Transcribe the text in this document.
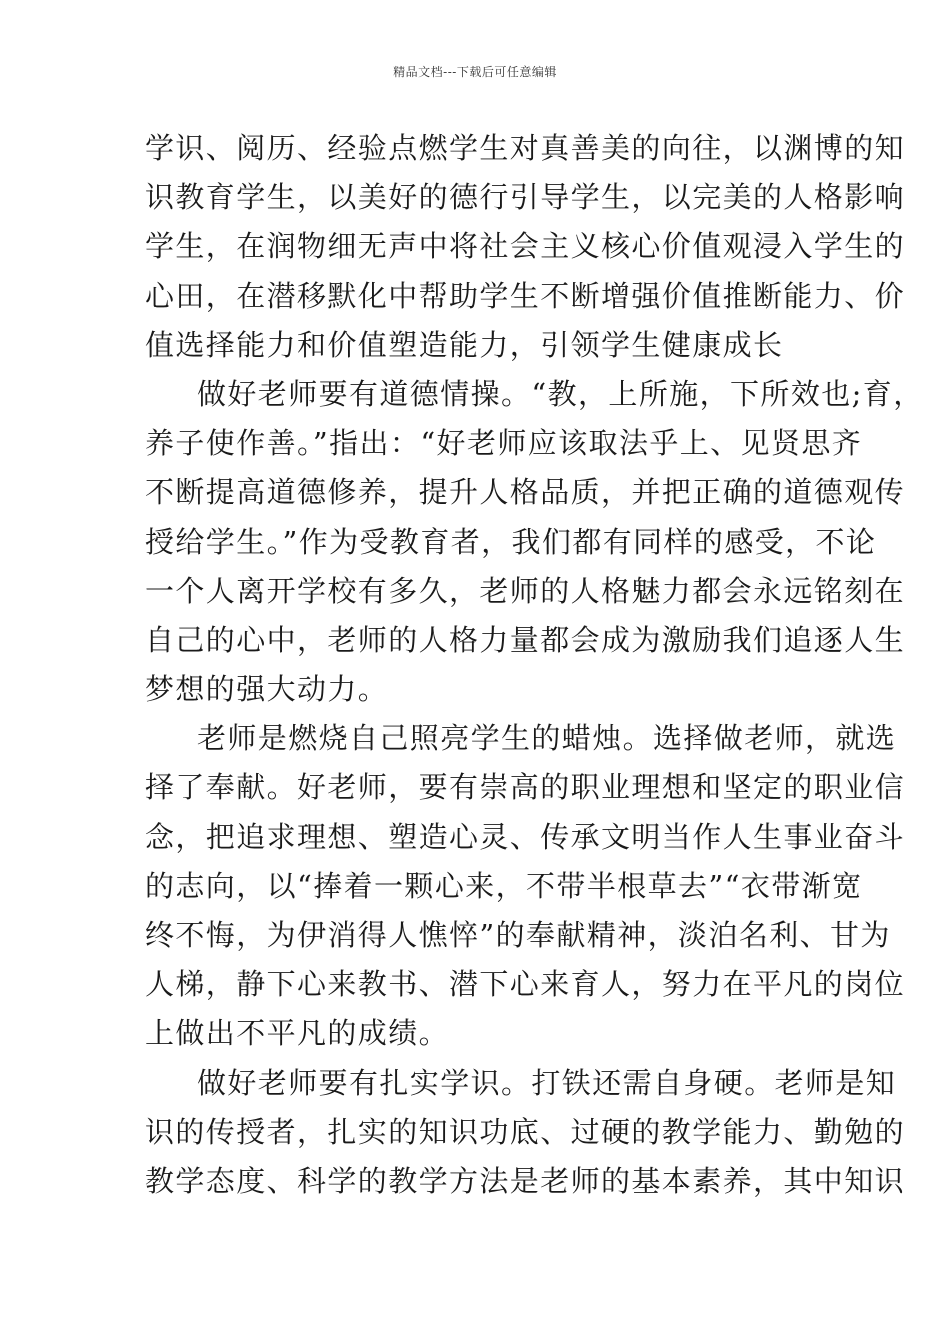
精品文档---下载后可任意编辑
学识、阅历、经验点燃学生对真善美的向往，以渊博的知
识教育学生，以美好的德行引导学生，以完美的人格影响
学生，在润物细无声中将社会主义核心价值观浸入学生的
心田，在潜移默化中帮助学生不断增强价值推断能力、价
值选择能力和价值塑造能力，引领学生健康成长
做好老师要有道德情操。“教，上所施，下所效也;育，
养子使作善。”指出：“好老师应该取法乎上、见贤思齐
不断提高道德修养，提升人格品质，并把正确的道德观传
授给学生。”作为受教育者，我们都有同样的感受，不论
一个人离开学校有多久，老师的人格魅力都会永远铭刻在
自己的心中，老师的人格力量都会成为激励我们追逐人生
梦想的强大动力。
老师是燃烧自己照亮学生的蜡烛。选择做老师，就选
择了奉献。好老师，要有崇高的职业理想和坚定的职业信
念，把追求理想、塑造心灵、传承文明当作人生事业奋斗
的志向，以“捧着一颗心来，不带半根草去”“衣带渐宽
终不悔，为伊消得人憔悴”的奉献精神，淡泊名利、甘为
人梯，静下心来教书、潜下心来育人，努力在平凡的岗位
上做出不平凡的成绩。
做好老师要有扎实学识。打铁还需自身硬。老师是知
识的传授者，扎实的知识功底、过硬的教学能力、勤勉的
教学态度、科学的教学方法是老师的基本素养，其中知识
